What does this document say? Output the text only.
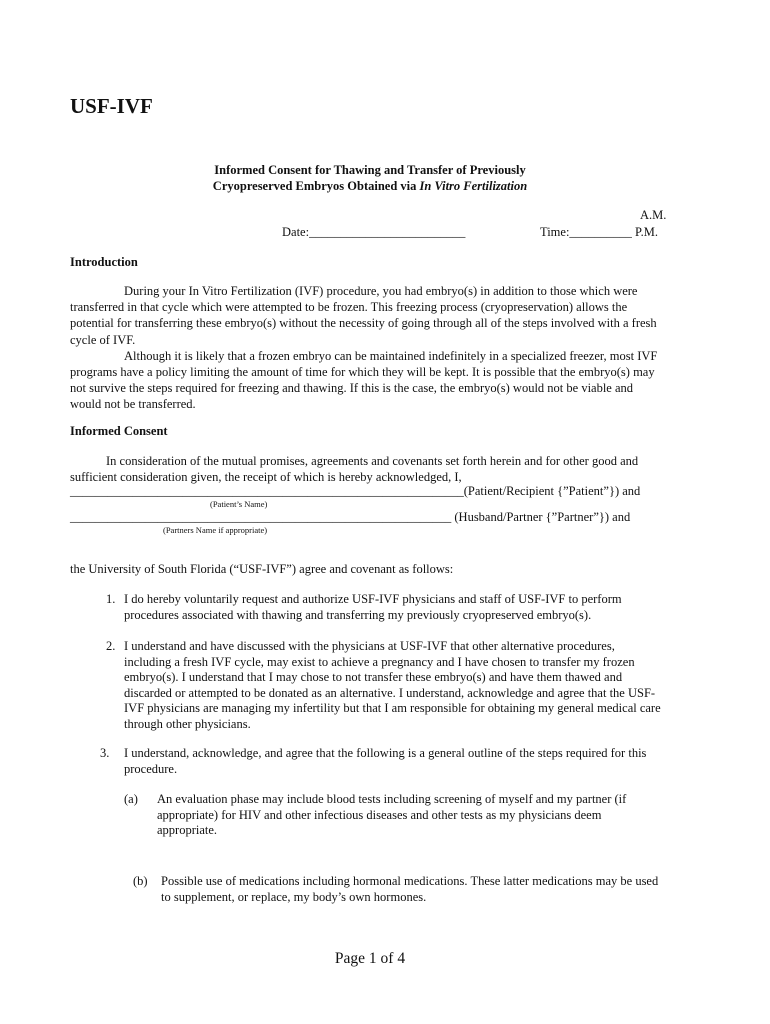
USF-IVF
Informed Consent for Thawing and Transfer of Previously
Cryopreserved Embryos Obtained via In Vitro Fertilization
A.M.
Date:_________________________	Time:__________ P.M.
Introduction
During your In Vitro Fertilization (IVF) procedure, you had embryo(s) in addition to those which were
transferred in that cycle which were attempted to be frozen. This freezing process (cryopreservation) allows the
potential for transferring these embryo(s) without the necessity of going through all of the steps involved with a fresh
cycle of IVF.
Although it is likely that a frozen embryo can be maintained indefinitely in a specialized freezer, most IVF
programs have a policy limiting the amount of time for which they will be kept. It is possible that the embryo(s) may
not survive the steps required for freezing and thawing. If this is the case, the embryo(s) would not be viable and
would not be transferred.
Informed Consent
In consideration of the mutual promises, agreements and covenants set forth herein and for other good and
sufficient consideration given, the receipt of which is hereby acknowledged, I,
_______________________________________________________________(Patient/Recipient {”Patient”}) and
(Patient’s Name)
_____________________________________________________________ (Husband/Partner {”Partner”}) and
(Partners Name if appropriate)
the University of South Florida (“USF-IVF”) agree and covenant as follows:
1. I do hereby voluntarily request and authorize USF-IVF physicians and staff of USF-IVF to perform
procedures associated with thawing and transferring my previously cryopreserved embryo(s).
2. I understand and have discussed with the physicians at USF-IVF that other alternative procedures,
including a fresh IVF cycle, may exist to achieve a pregnancy and I have chosen to transfer my frozen
embryo(s). I understand that I may chose to not transfer these embryo(s) and have them thawed and
discarded or attempted to be donated as an alternative. I understand, acknowledge and agree that the USF-
IVF physicians are managing my infertility but that I am responsible for obtaining my general medical care
through other physicians.
3. I understand, acknowledge, and agree that the following is a general outline of the steps required for this
procedure.
(a) An evaluation phase may include blood tests including screening of myself and my partner (if
appropriate) for HIV and other infectious diseases and other tests as my physicians deem
appropriate.
(b) Possible use of medications including hormonal medications. These latter medications may be used
to supplement, or replace, my body’s own hormones.
Page 1 of 4
